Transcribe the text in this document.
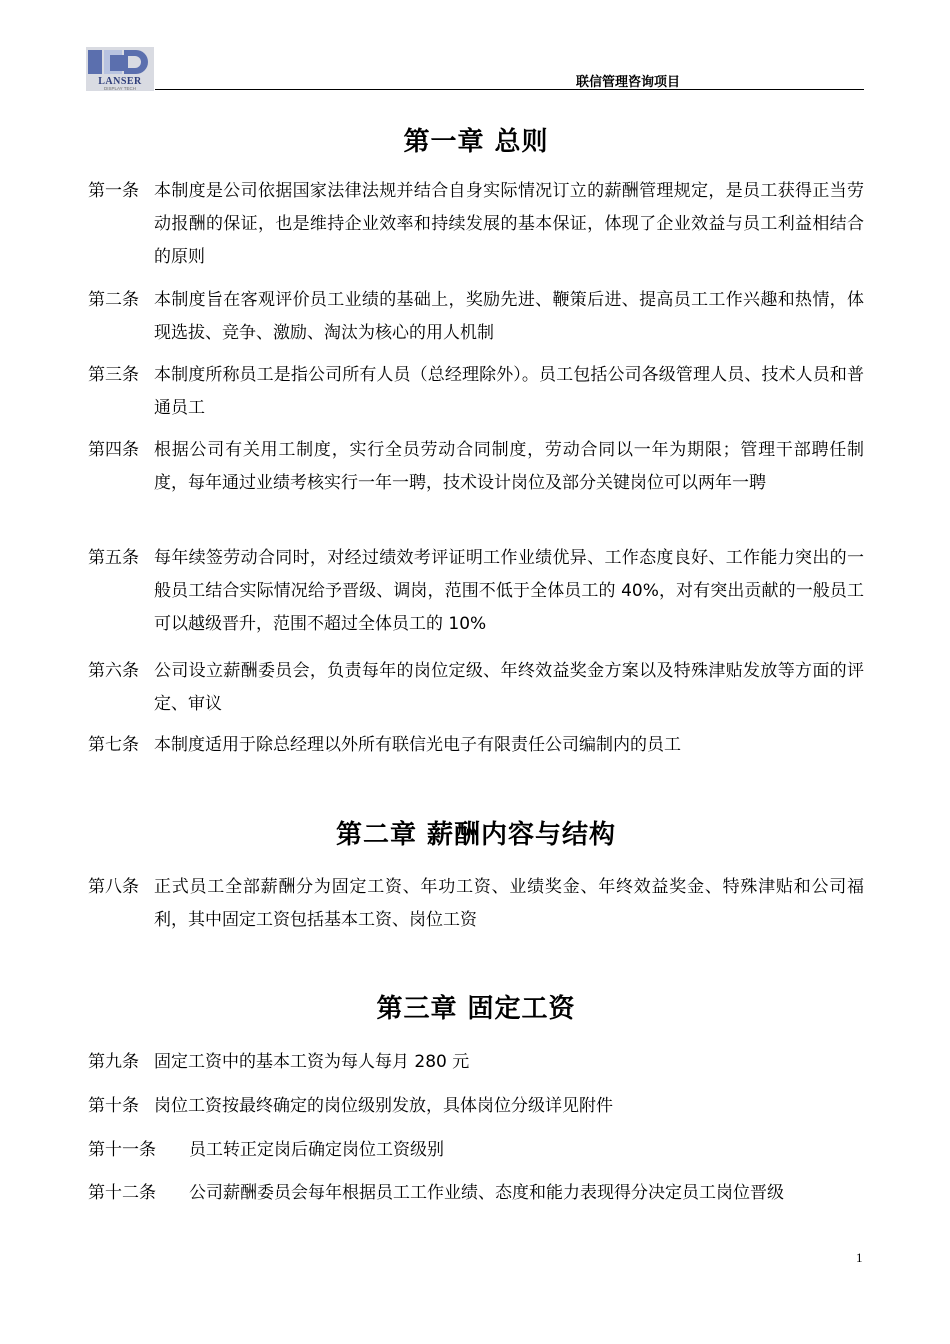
LANSER
DISPLAY TECH	联信管理咨询项目
第一章 总则
第一条 本制度是公司依据国家法律法规并结合自身实际情况订立的薪酬管理规定，是员工获得正当劳动报酬的保证，也是维持企业效率和持续发展的基本保证，体现了企业效益与员工利益相结合的原则
第二条 本制度旨在客观评价员工业绩的基础上，奖励先进、鞭策后进、提高员工工作兴趣和热情，体现选拔、竞争、激励、淘汰为核心的用人机制
第三条 本制度所称员工是指公司所有人员（总经理除外）。员工包括公司各级管理人员、技术人员和普通员工
第四条 根据公司有关用工制度，实行全员劳动合同制度，劳动合同以一年为期限；管理干部聘任制度，每年通过业绩考核实行一年一聘，技术设计岗位及部分关键岗位可以两年一聘
第五条 每年续签劳动合同时，对经过绩效考评证明工作业绩优异、工作态度良好、工作能力突出的一般员工结合实际情况给予晋级、调岗，范围不低于全体员工的 40%，对有突出贡献的一般员工可以越级晋升，范围不超过全体员工的 10%
第六条 公司设立薪酬委员会，负责每年的岗位定级、年终效益奖金方案以及特殊津贴发放等方面的评定、审议
第七条 本制度适用于除总经理以外所有联信光电子有限责任公司编制内的员工
第二章 薪酬内容与结构
第八条 正式员工全部薪酬分为固定工资、年功工资、业绩奖金、年终效益奖金、特殊津贴和公司福利，其中固定工资包括基本工资、岗位工资
第三章 固定工资
第九条 固定工资中的基本工资为每人每月 280 元
第十条 岗位工资按最终确定的岗位级别发放，具体岗位分级详见附件
第十一条 员工转正定岗后确定岗位工资级别
第十二条 公司薪酬委员会每年根据员工工作业绩、态度和能力表现得分决定员工岗位晋级
1
